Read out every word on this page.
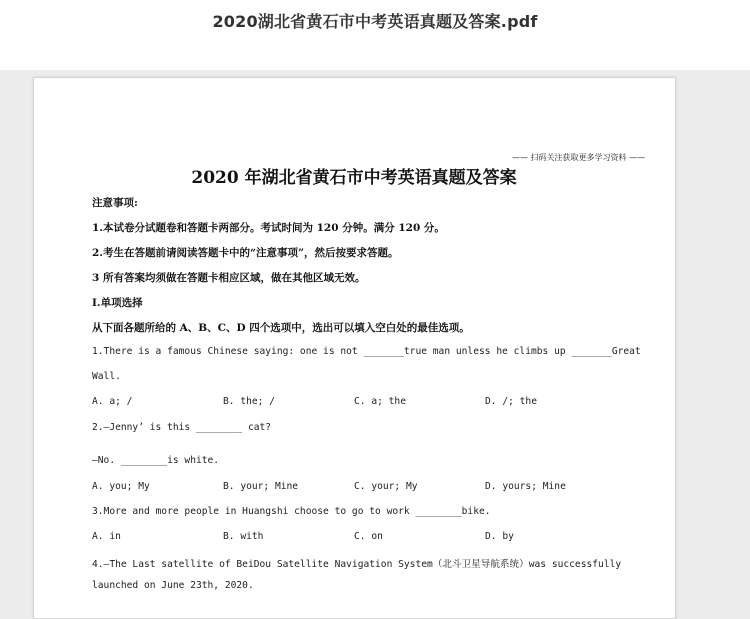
2020湖北省黄石市中考英语真题及答案.pdf
—— 扫码关注获取更多学习资料 ——
2020 年湖北省黄石市中考英语真题及答案
注意事项:
1.本试卷分试题卷和答题卡两部分。考试时间为 120 分钟。满分 120 分。
2.考生在答题前请阅读答题卡中的“注意事项”，然后按要求答题。
3 所有答案均须做在答题卡相应区域，做在其他区域无效。
I.单项选择
从下面各题所给的 A、B、C、D 四个选项中，选出可以填入空白处的最佳选项。
1.There is a famous Chinese saying: one is not _______true man unless he climbs up _______Great
Wall.
A. a; /	B. the; /	C. a; the	D. /; the
2.—Jenny’ is this ________ cat?
—No. ________is white.
A. you; My	B. your; Mine	C. your; My	D. yours; Mine
3.More and more people in Huangshi choose to go to work ________bike.
A. in	B. with	C. on	D. by
4.—The Last satellite of BeiDou Satellite Navigation System（北斗卫星导航系统）was successfully
launched on June 23th, 2020.
